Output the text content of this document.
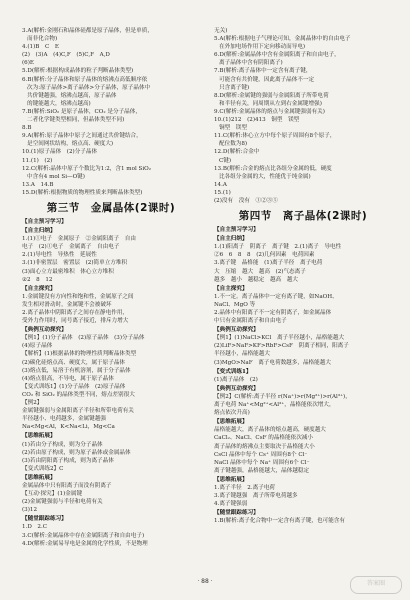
3.A(解析:金刚石和晶体硅都是原子晶体，但是单质，
而非化合物)
4.(1)B　C　E
(2)　(3)A　(4)C,F　(5)C,F　A,D
(6)E
5.D(解析:根据构成晶体的粒子判断晶体类型)
6.B(解析:分子晶体和原子晶体的熔沸点高低顺序依
次为:原子晶体>离子晶体>分子晶体，原子晶体中
共价键越强，熔沸点越高，原子晶体
的键能越大，熔沸点越高)
7.B(解析:SiO₂ 是原子晶体，CO₂ 是分子晶体，
二者化学键类型相同，但晶体类型不同)
8.B
9.A(解析:原子晶体中原子之间通过共价键结合，
是空间网状结构，熔点高、硬度大)
10.(1)原子晶体　(2)分子晶体
11.(1)　(2)
12.C(解析:晶体中原子个数比为1:2，含1 mol SiO₂
中含有4 mol Si—O键)
13.A　14.B
15.D(解析:根据物质的物理性质来判断晶体类型)
第三节　金属晶体(2课时)
【自主预习学习】
【自主归纳】
1.(1)①电子　金属原子　②金属阳离子　自由
电子　(2)①电子　金属离子　自由电子
2.(1)导电性　导热性　延展性
3.(1)非密置层　密置层　(2)简单立方堆积
(3)面心立方最密堆积　体心立方堆积
②2　8　12
【自主探究】
1.金属键没有方向性和饱和性，金属原子之间
发生相对滑动时，金属键不会被破坏
2.离子晶体中阴阳离子之间存在静电作用，
受外力作用时，同号离子接近，排斥力增大
【典例互动探究】
【例1】(1)分子晶体　(2)原子晶体　(3)分子晶体
(4)原子晶体
【解析】(1)根据晶体的物理性质判断晶体类型
(2)碳化硅熔点高、硬度大，属于原子晶体
(3)熔点低，易溶于有机溶剂，属于分子晶体
(4)熔点很高，不导电，属于原子晶体
【变式训练1】(1)分子晶体　(2)原子晶体
CO₂ 和 SiO₂ 的晶体类型不同，熔点差别很大
【例2】
金属键强弱与金属阳离子半径和所带电荷有关
半径越小、电荷越多，金属键越强
Na<Mg<Al，K<Na<Li，Mg<Ca
【思维拓展】
(1)若由分子构成，则为分子晶体
(2)若由原子构成，则为原子晶体或金属晶体
(3)若由阴阳离子构成，则为离子晶体
【变式训练2】C
【思维拓展】
金属晶体中只有阳离子而没有阴离子
【互动·探究】(1)金属键
(2)金属键强弱与半径和电荷有关
(3)12
【随堂跟踪练习】
1.D　2.C
3.C(解析:金属晶体中存在金属阳离子和自由电子)
4.D(解析:金属易导电是金属的化学性质，不是物理
无关)
5.A(解析:根据电子气理论可知，金属晶体中的自由电子
在外加电场作用下定向移动而导电)
6.D(解析:金属晶体中含有金属阳离子和自由电子，
离子晶体中含有阴阳离子)
7.B(解析:离子晶体中一定含有离子键，
可能含有共价键，因此离子晶体不一定
只含离子键)
8.D(解析:金属键的强弱与金属阳离子所带电荷
和半径有关，同周期从左到右金属键增强)
9.C(解析:金属晶体的熔点与金属键强弱有关)
10.(1)212　(2)413　铜型　镁型
铜型　镁型
11.C(解析:体心立方中每个原子周围有8个原子，
配位数为8)
12.D(解析:合金中
C键)
13.B(解析:合金的熔点比各组分金属的低，硬度
比各组分金属的大，性能优于纯金属)
14.A
15.(1)
(2)没有　没有　①②③⑤
第四节　离子晶体(2课时)
【自主预习学习】
【自主归纳】
1.(1)阳离子　阴离子　离子键　2.(1)离子　导电性
②6　6　8　8　(2)几何因素　电荷因素
3.离子键　晶格能　(1)离子半径　离子电荷
大　压缩　越大　越高　(2)气态离子
越多　越小　越稳定　越高　越大
【自主探究】
1.不一定。离子晶体中一定有离子键，如NaOH、
NaCl、MgO 等
2.晶体中有阳离子不一定有阴离子，如金属晶体
中只有金属阳离子和自由电子
【典例互动探究】
【例1】(1)NaCl>KCl　离子半径越小，晶格能越大
(2)LiF>NaF>KF>RbF>CsF　阴离子相同，阳离子
半径越小，晶格能越大
(3)MgO>NaF　离子电荷数越多，晶格能越大
【变式训练1】
(1)离子晶体　(2)
【典例互动探究】
【例2】C(解析:离子半径 r(Na⁺)>r(Mg²⁺)>r(Al³⁺)，
离子电荷 Na⁺<Mg²⁺<Al³⁺，晶格能依次增大，
熔点依次升高)
【思维拓展】
晶格能越大，离子晶体的熔点越高，硬度越大
CaCl₂、NaCl、CsF 的晶格能依次减小
离子晶体的熔沸点主要取决于晶格能大小
CsCl 晶体中每个 Cs⁺ 周围有8个 Cl⁻
NaCl 晶体中每个 Na⁺ 周围有6个 Cl⁻
离子键越强，晶格能越大，晶体越稳定
【思维拓展】
1.离子半径　2.离子电荷
3.离子键越强　离子所带电荷越多
4.离子键强弱
【随堂跟踪练习】
1.B(解析:离子化合物中一定含有离子键，也可能含有
· 88 ·	答案圈
